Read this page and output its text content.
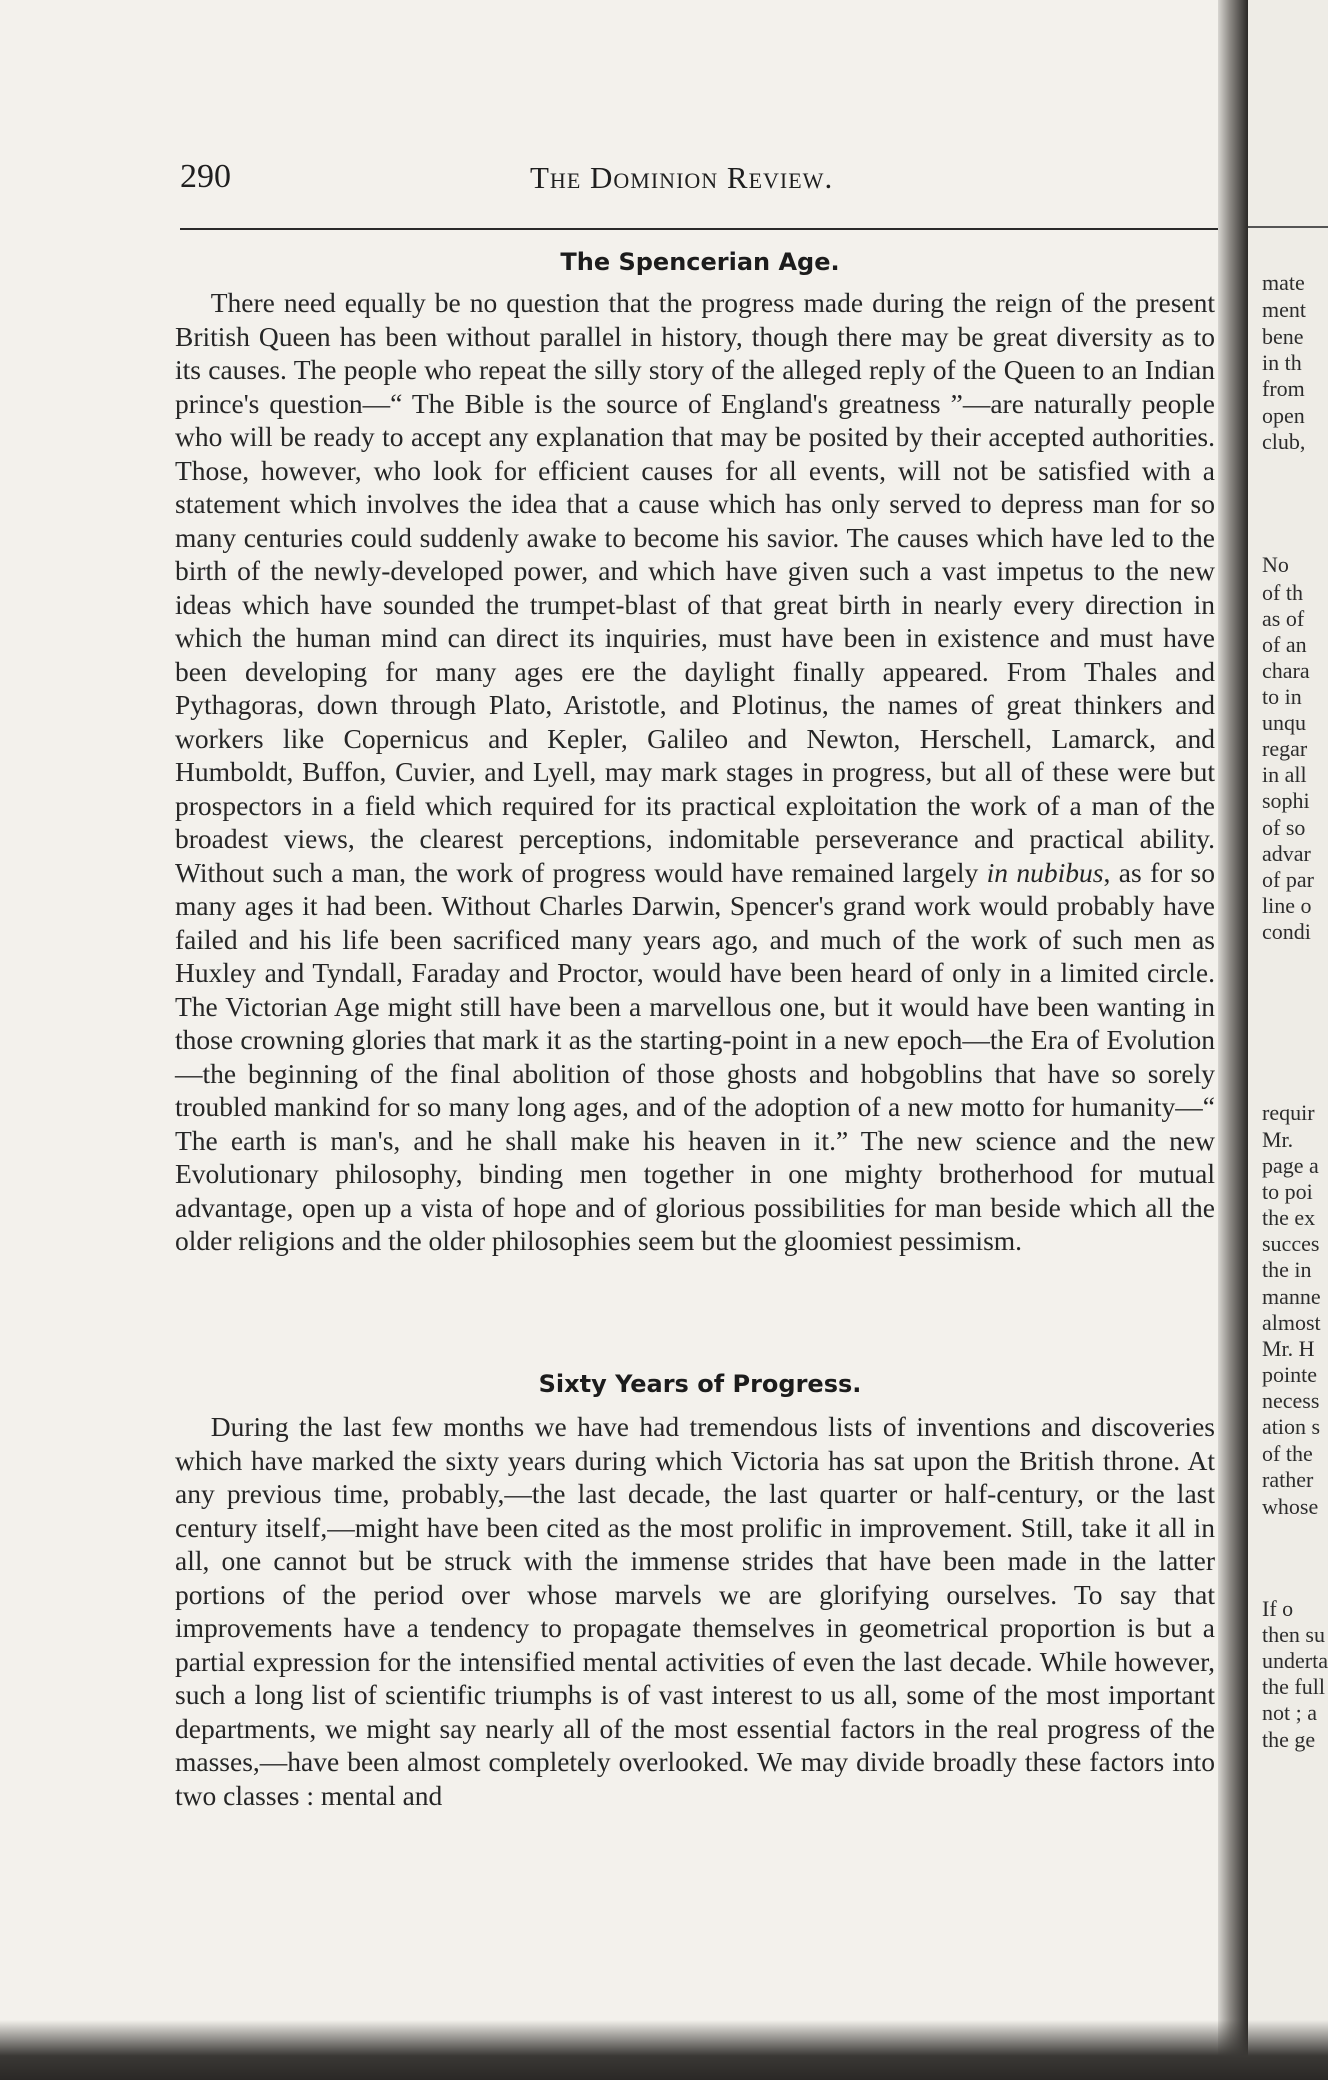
290	The Dominion Review.
The Spencerian Age.

There need equally be no question that the progress made during the reign of the present British Queen has been without parallel in history, though there may be great diversity as to its causes. The people who repeat the silly story of the alleged reply of the Queen to an Indian prince's question—“ The Bible is the source of England's greatness ”—are naturally people who will be ready to accept any explanation that may be posited by their accepted authorities. Those, however, who look for efficient causes for all events, will not be satisfied with a statement which involves the idea that a cause which has only served to depress man for so many centuries could suddenly awake to become his savior. The causes which have led to the birth of the newly-developed power, and which have given such a vast impetus to the new ideas which have sounded the trumpet-blast of that great birth in nearly every direction in which the human mind can direct its inquiries, must have been in existence and must have been developing for many ages ere the daylight finally appeared. From Thales and Pythagoras, down through Plato, Aristotle, and Plotinus, the names of great thinkers and workers like Copernicus and Kepler, Galileo and Newton, Herschell, Lamarck, and Humboldt, Buffon, Cuvier, and Lyell, may mark stages in progress, but all of these were but prospectors in a field which required for its practical exploitation the work of a man of the broadest views, the clearest perceptions, indomitable perseverance and practical ability. Without such a man, the work of progress would have remained largely in nubibus, as for so many ages it had been. Without Charles Darwin, Spencer's grand work would probably have failed and his life been sacrificed many years ago, and much of the work of such men as Huxley and Tyndall, Faraday and Proctor, would have been heard of only in a limited circle. The Victorian Age might still have been a marvellous one, but it would have been wanting in those crowning glories that mark it as the starting-point in a new epoch—the Era of Evolution—the beginning of the final abolition of those ghosts and hobgoblins that have so sorely troubled mankind for so many long ages, and of the adoption of a new motto for humanity—“ The earth is man's, and he shall make his heaven in it.” The new science and the new Evolutionary philosophy, binding men together in one mighty brotherhood for mutual advantage, open up a vista of hope and of glorious possibilities for man beside which all the older religions and the older philosophies seem but the gloomiest pessimism.

Sixty Years of Progress.

During the last few months we have had tremendous lists of inventions and discoveries which have marked the sixty years during which Victoria has sat upon the British throne. At any previous time, probably,—the last decade, the last quarter or half-century, or the last century itself,—might have been cited as the most prolific in improvement. Still, take it all in all, one cannot but be struck with the immense strides that have been made in the latter portions of the period over whose marvels we are glorifying ourselves. To say that improvements have a tendency to propagate themselves in geometrical proportion is but a partial expression for the intensified mental activities of even the last decade. While however, such a long list of scientific triumphs is of vast interest to us all, some of the most important departments, we might say nearly all of the most essential factors in the real progress of the masses,—have been almost completely overlooked. We may divide broadly these factors into two classes : mental and

mate
ment
bene
in th
from
open
club,
No
of th
as of
of an
chara
to in
unqu
regar
in all
sophi
of so
advar
of par
line o
condi
requir
Mr.
page a
to poi
the ex
succes
the in
manne
almost
Mr. H
pointe
necess
ation s
of the
rather
whose
If o
then su
underta
the full
not ; a
the ge
